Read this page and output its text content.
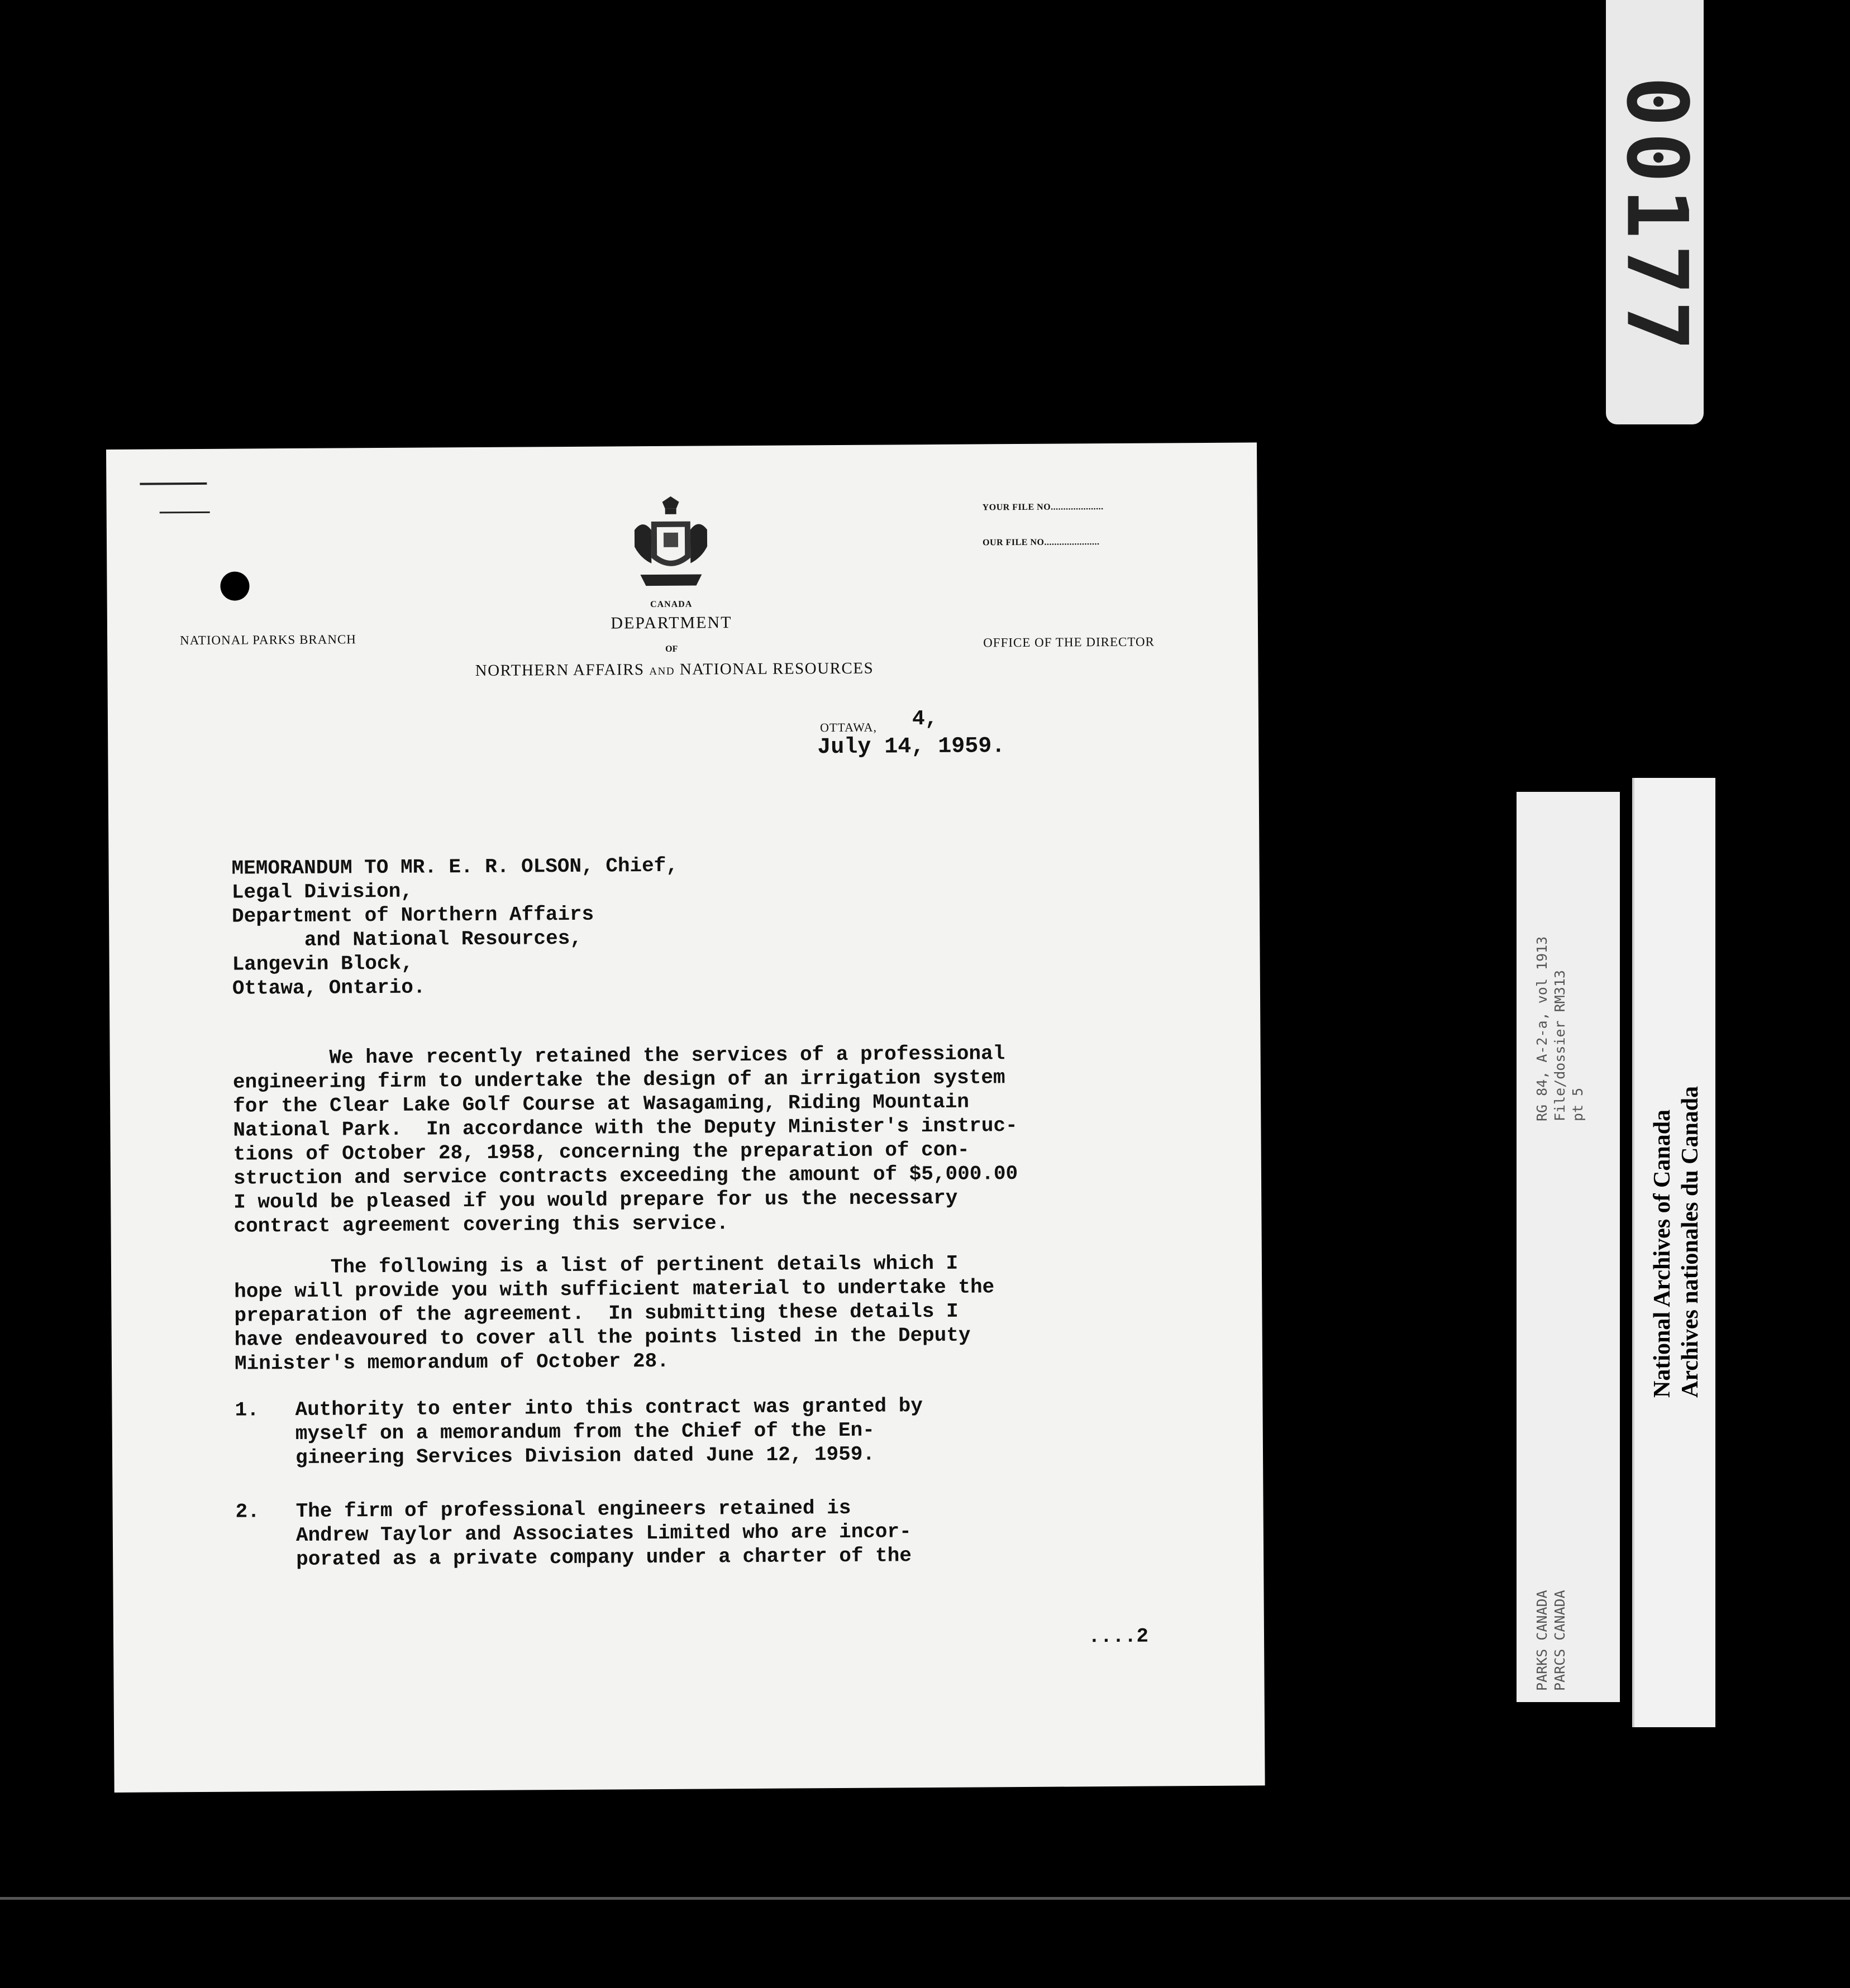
00177
YOUR FILE NO.....................
OUR FILE NO......................
CANADA
DEPARTMENT
OF
NORTHERN AFFAIRS AND NATIONAL RESOURCES
NATIONAL PARKS BRANCH	OFFICE OF THE DIRECTOR
OTTAWA, 4,
July 14, 1959.
MEMORANDUM TO MR. E. R. OLSON, Chief,
Legal Division,
Department of Northern Affairs
and National Resources,
Langevin Block,
Ottawa, Ontario.
We have recently retained the services of a professional
engineering firm to undertake the design of an irrigation system
for the Clear Lake Golf Course at Wasagaming, Riding Mountain
National Park.  In accordance with the Deputy Minister's instruc-
tions of October 28, 1958, concerning the preparation of con-
struction and service contracts exceeding the amount of $5,000.00
I would be pleased if you would prepare for us the necessary
contract agreement covering this service.
The following is a list of pertinent details which I
hope will provide you with sufficient material to undertake the
preparation of the agreement.  In submitting these details I
have endeavoured to cover all the points listed in the Deputy
Minister's memorandum of October 28.
1.   Authority to enter into this contract was granted by
myself on a memorandum from the Chief of the En-
gineering Services Division dated June 12, 1959.
2.   The firm of professional engineers retained is
Andrew Taylor and Associates Limited who are incor-
porated as a private company under a charter of the
....2
RG 84, A-2-a, vol 1913 File/dossier RM313 pt 5
PARKS CANADA PARCS CANADA
National Archives of Canada Archives nationales du Canada
